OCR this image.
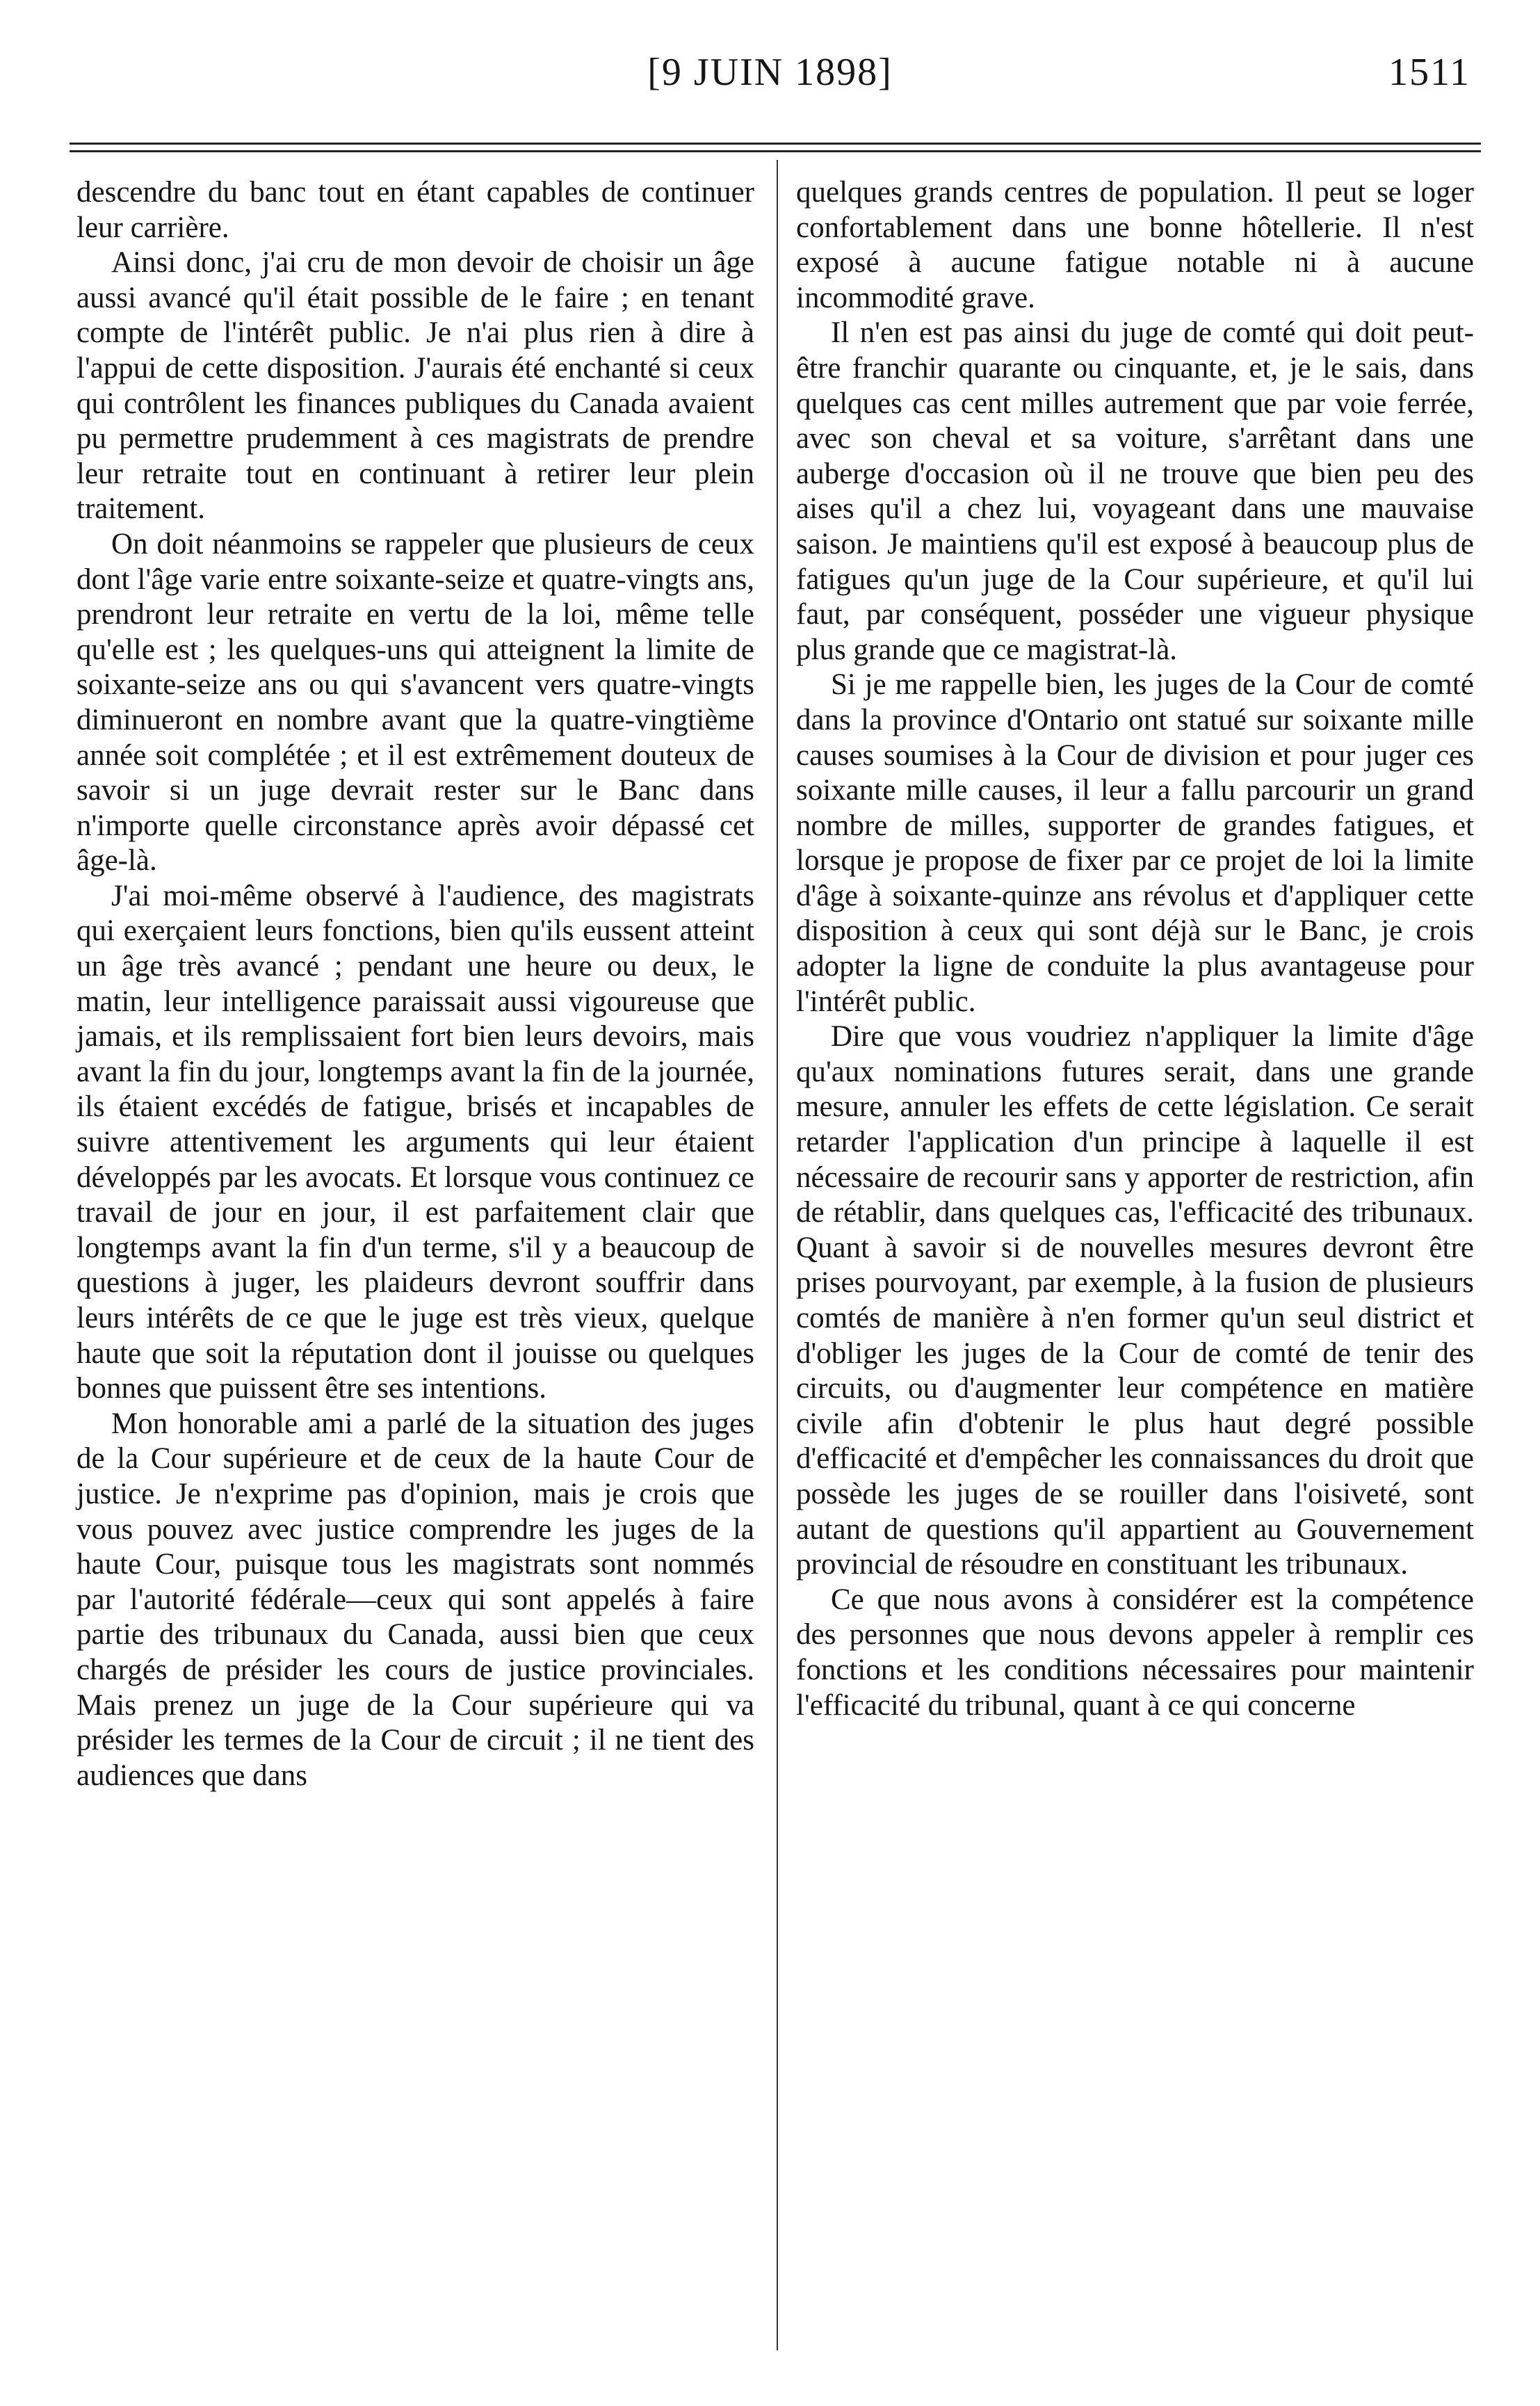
[9 JUIN 1898]	1511

descendre du banc tout en étant capables de continuer leur carrière.

Ainsi donc, j'ai cru de mon devoir de choisir un âge aussi avancé qu'il était possible de le faire ; en tenant compte de l'intérêt public. Je n'ai plus rien à dire à l'appui de cette disposition. J'aurais été enchanté si ceux qui contrôlent les finances publiques du Canada avaient pu permettre prudemment à ces magistrats de prendre leur retraite tout en continuant à retirer leur plein traitement.

On doit néanmoins se rappeler que plusieurs de ceux dont l'âge varie entre soixante-seize et quatre-vingts ans, prendront leur retraite en vertu de la loi, même telle qu'elle est ; les quelques-uns qui atteignent la limite de soixante-seize ans ou qui s'avancent vers quatre-vingts diminueront en nombre avant que la quatre-vingtième année soit complétée ; et il est extrêmement douteux de savoir si un juge devrait rester sur le Banc dans n'importe quelle circonstance après avoir dépassé cet âge-là.

J'ai moi-même observé à l'audience, des magistrats qui exerçaient leurs fonctions, bien qu'ils eussent atteint un âge très avancé ; pendant une heure ou deux, le matin, leur intelligence paraissait aussi vigoureuse que jamais, et ils remplissaient fort bien leurs devoirs, mais avant la fin du jour, longtemps avant la fin de la journée, ils étaient excédés de fatigue, brisés et incapables de suivre attentivement les arguments qui leur étaient développés par les avocats. Et lorsque vous continuez ce travail de jour en jour, il est parfaitement clair que longtemps avant la fin d'un terme, s'il y a beaucoup de questions à juger, les plaideurs devront souffrir dans leurs intérêts de ce que le juge est très vieux, quelque haute que soit la réputation dont il jouisse ou quelques bonnes que puissent être ses intentions.

Mon honorable ami a parlé de la situation des juges de la Cour supérieure et de ceux de la haute Cour de justice. Je n'exprime pas d'opinion, mais je crois que vous pouvez avec justice comprendre les juges de la haute Cour, puisque tous les magistrats sont nommés par l'autorité fédérale—ceux qui sont appelés à faire partie des tribunaux du Canada, aussi bien que ceux chargés de présider les cours de justice provinciales. Mais prenez un juge de la Cour supérieure qui va présider les termes de la Cour de circuit ; il ne tient des audiences que dans

quelques grands centres de population. Il peut se loger confortablement dans une bonne hôtellerie. Il n'est exposé à aucune fatigue notable ni à aucune incommodité grave.

Il n'en est pas ainsi du juge de comté qui doit peut-être franchir quarante ou cinquante, et, je le sais, dans quelques cas cent milles autrement que par voie ferrée, avec son cheval et sa voiture, s'arrêtant dans une auberge d'occasion où il ne trouve que bien peu des aises qu'il a chez lui, voyageant dans une mauvaise saison. Je maintiens qu'il est exposé à beaucoup plus de fatigues qu'un juge de la Cour supérieure, et qu'il lui faut, par conséquent, posséder une vigueur physique plus grande que ce magistrat-là.

Si je me rappelle bien, les juges de la Cour de comté dans la province d'Ontario ont statué sur soixante mille causes soumises à la Cour de division et pour juger ces soixante mille causes, il leur a fallu parcourir un grand nombre de milles, supporter de grandes fatigues, et lorsque je propose de fixer par ce projet de loi la limite d'âge à soixante-quinze ans révolus et d'appliquer cette disposition à ceux qui sont déjà sur le Banc, je crois adopter la ligne de conduite la plus avantageuse pour l'intérêt public.

Dire que vous voudriez n'appliquer la limite d'âge qu'aux nominations futures serait, dans une grande mesure, annuler les effets de cette législation. Ce serait retarder l'application d'un principe à laquelle il est nécessaire de recourir sans y apporter de restriction, afin de rétablir, dans quelques cas, l'efficacité des tribunaux. Quant à savoir si de nouvelles mesures devront être prises pourvoyant, par exemple, à la fusion de plusieurs comtés de manière à n'en former qu'un seul district et d'obliger les juges de la Cour de comté de tenir des circuits, ou d'augmenter leur compétence en matière civile afin d'obtenir le plus haut degré possible d'efficacité et d'empêcher les connaissances du droit que possède les juges de se rouiller dans l'oisiveté, sont autant de questions qu'il appartient au Gouvernement provincial de résoudre en constituant les tribunaux.

Ce que nous avons à considérer est la compétence des personnes que nous devons appeler à remplir ces fonctions et les conditions nécessaires pour maintenir l'efficacité du tribunal, quant à ce qui concerne
